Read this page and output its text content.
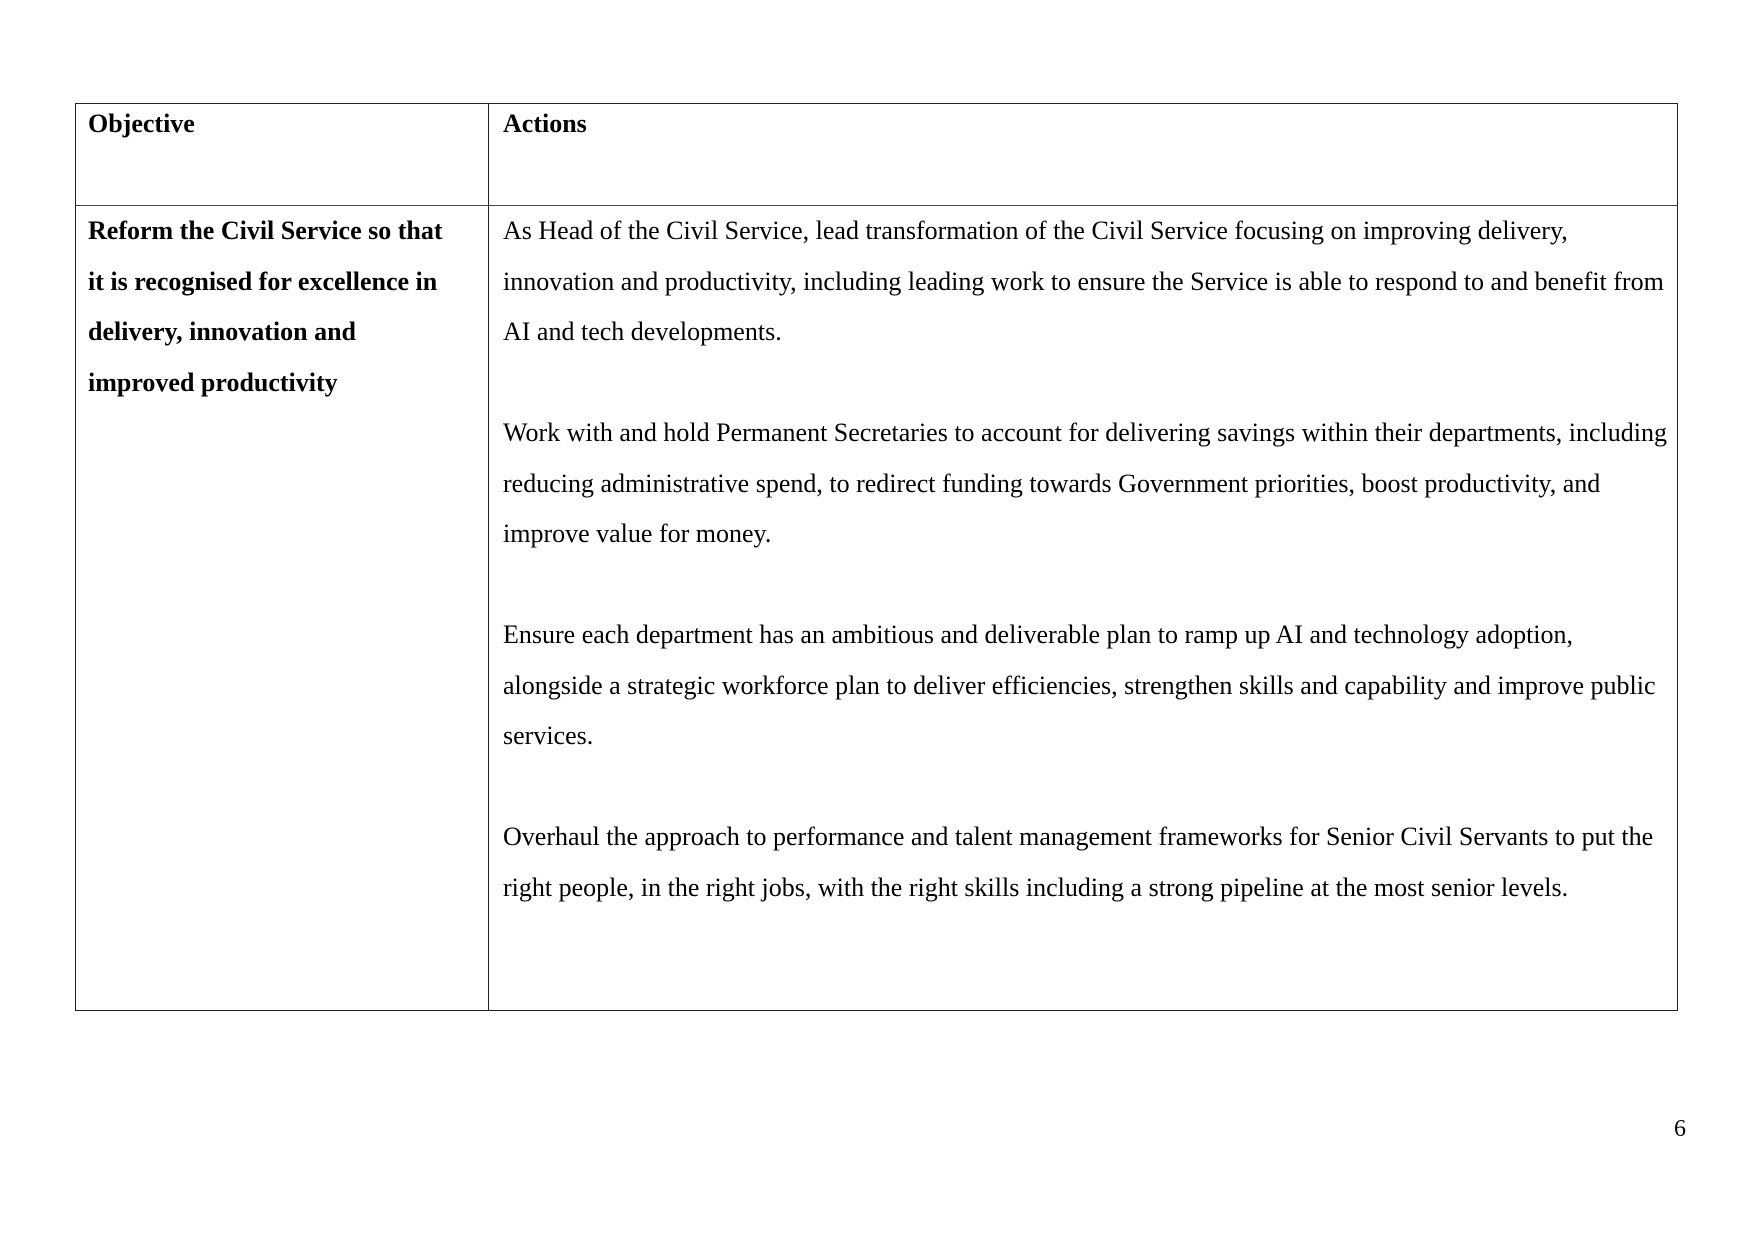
Objective	Actions
Reform the Civil Service so that it is recognised for excellence in delivery, innovation and improved productivity

As Head of the Civil Service, lead transformation of the Civil Service focusing on improving delivery, innovation and productivity, including leading work to ensure the Service is able to respond to and benefit from AI and tech developments.

Work with and hold Permanent Secretaries to account for delivering savings within their departments, including reducing administrative spend, to redirect funding towards Government priorities, boost productivity, and improve value for money.

Ensure each department has an ambitious and deliverable plan to ramp up AI and technology adoption, alongside a strategic workforce plan to deliver efficiencies, strengthen skills and capability and improve public services.

Overhaul the approach to performance and talent management frameworks for Senior Civil Servants to put the right people, in the right jobs, with the right skills including a strong pipeline at the most senior levels.

6
